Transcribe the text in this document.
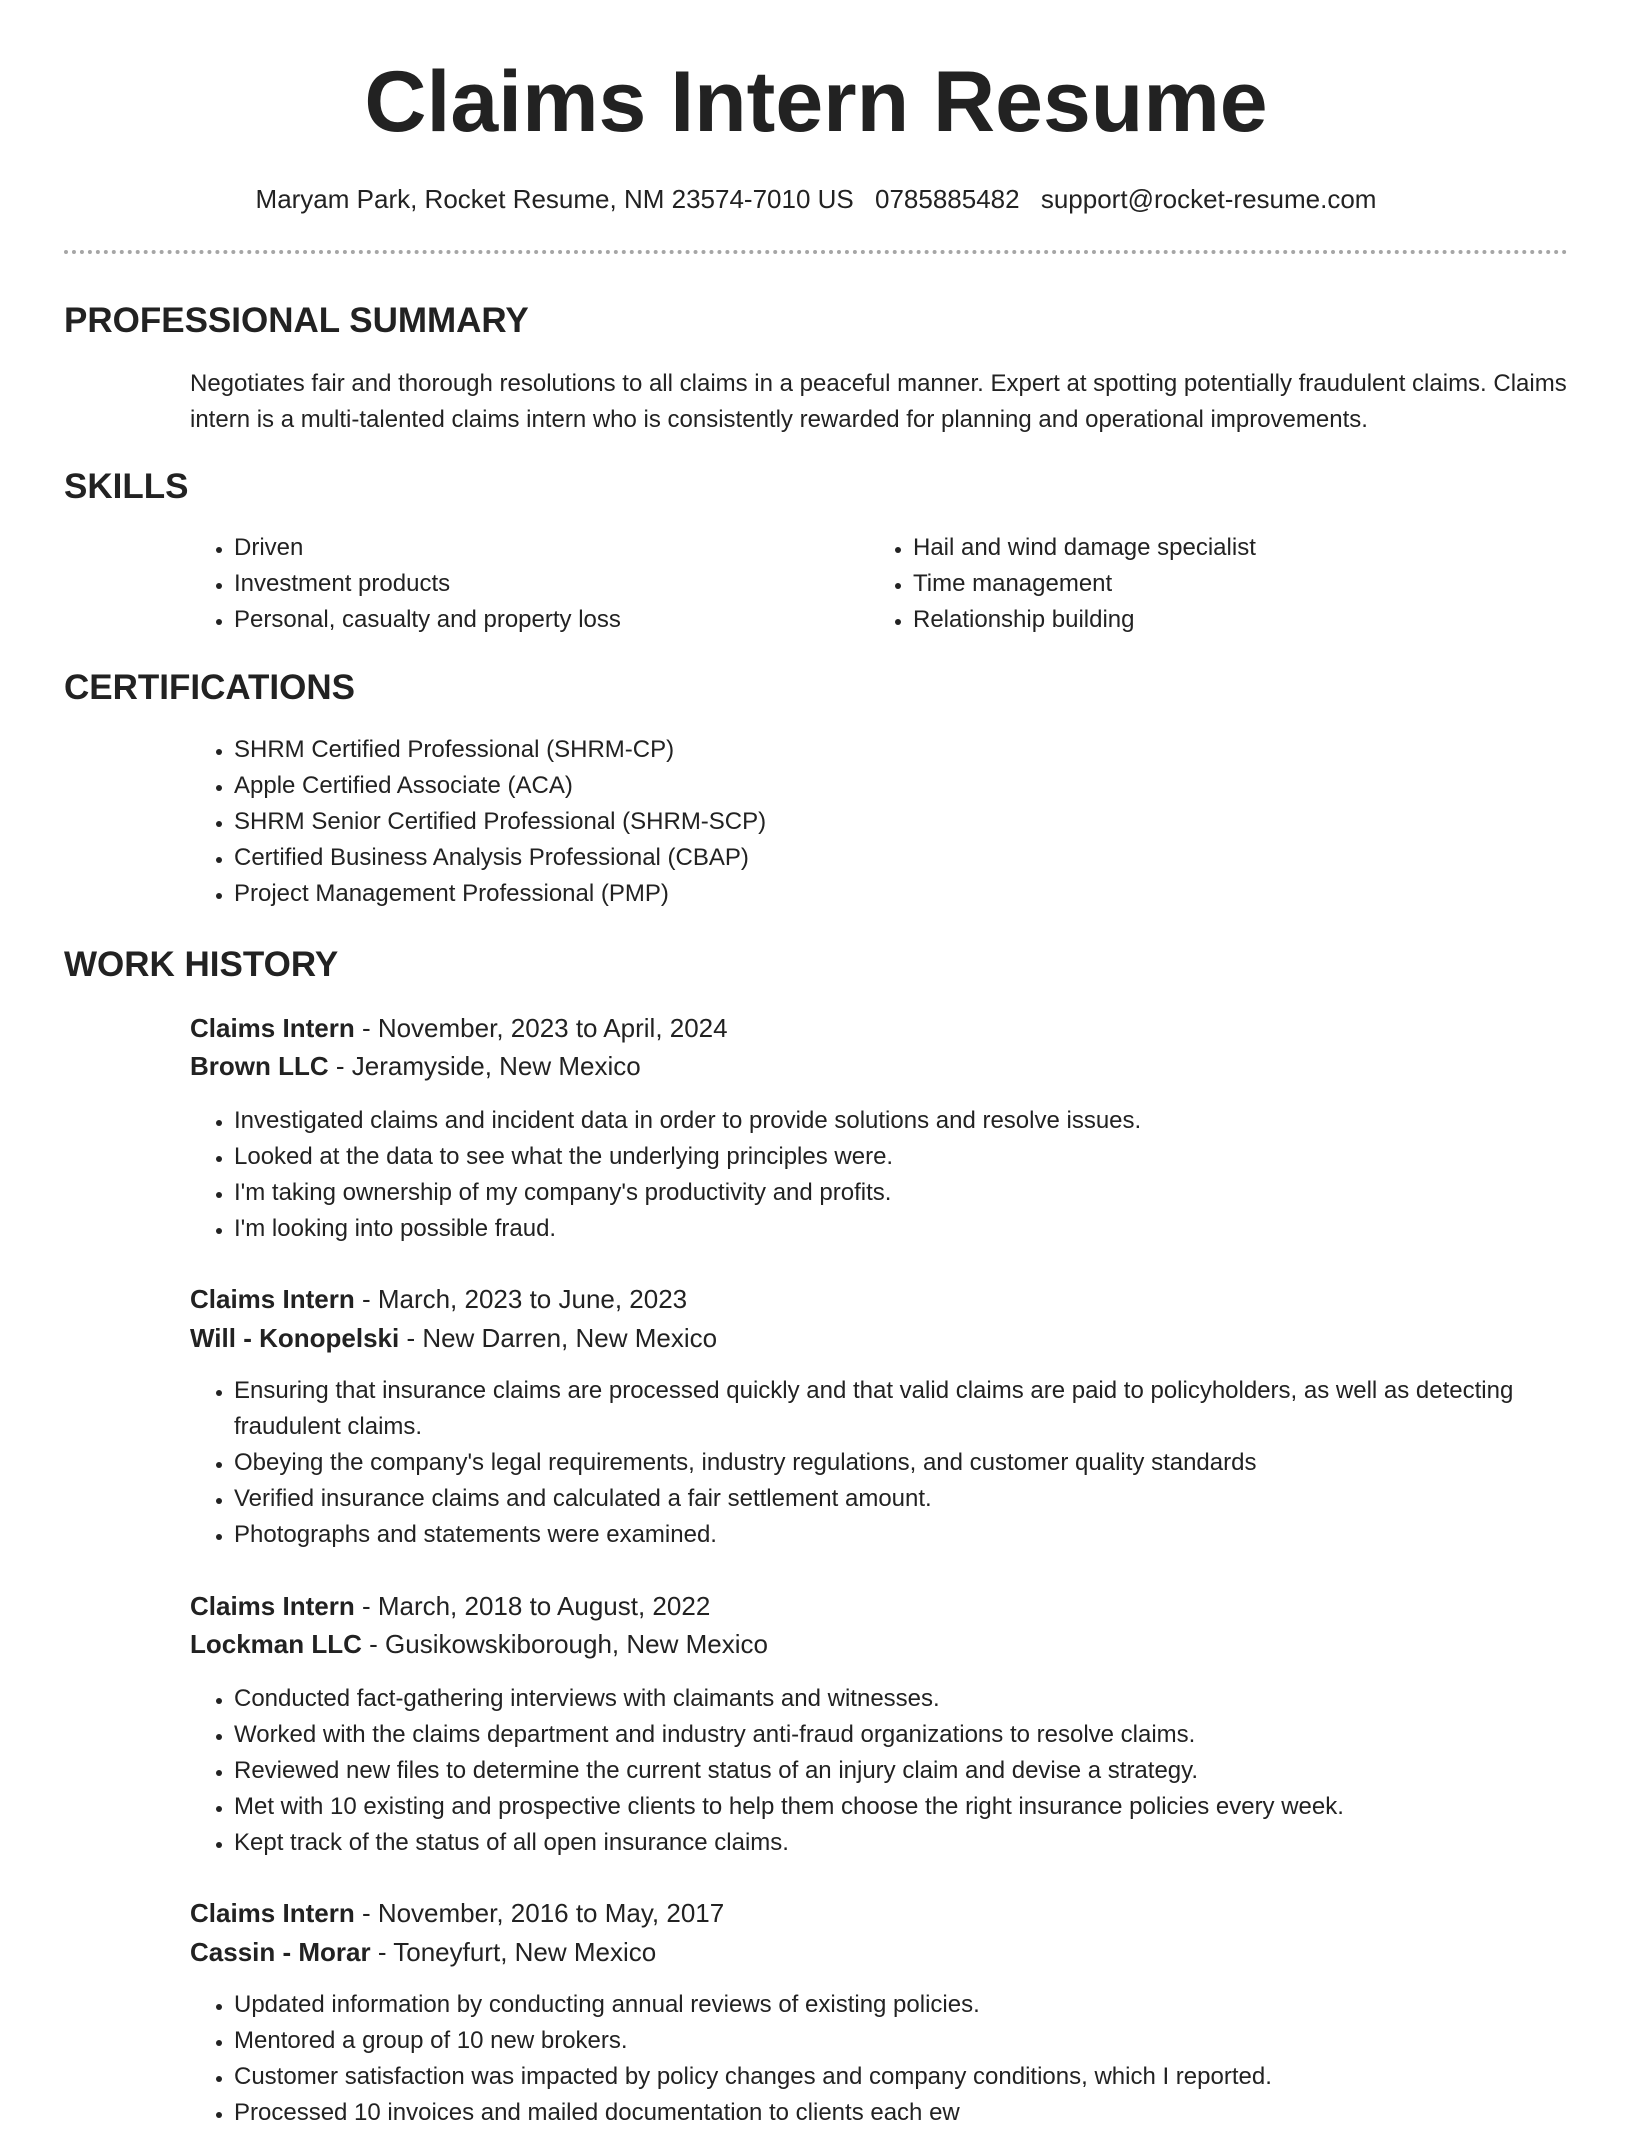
Claims Intern Resume
Maryam Park, Rocket Resume, NM 23574-7010 US 0785885482 support@rocket-resume.com
PROFESSIONAL SUMMARY
Negotiates fair and thorough resolutions to all claims in a peaceful manner. Expert at spotting potentially fraudulent claims. Claims intern is a multi-talented claims intern who is consistently rewarded for planning and operational improvements.
SKILLS
• Driven
• Investment products
• Personal, casualty and property loss
• Hail and wind damage specialist
• Time management
• Relationship building
CERTIFICATIONS
• SHRM Certified Professional (SHRM-CP)
• Apple Certified Associate (ACA)
• SHRM Senior Certified Professional (SHRM-SCP)
• Certified Business Analysis Professional (CBAP)
• Project Management Professional (PMP)
WORK HISTORY
Claims Intern - November, 2023 to April, 2024
Brown LLC - Jeramyside, New Mexico
• Investigated claims and incident data in order to provide solutions and resolve issues.
• Looked at the data to see what the underlying principles were.
• I'm taking ownership of my company's productivity and profits.
• I'm looking into possible fraud.
Claims Intern - March, 2023 to June, 2023
Will - Konopelski - New Darren, New Mexico
• Ensuring that insurance claims are processed quickly and that valid claims are paid to policyholders, as well as detecting fraudulent claims.
• Obeying the company's legal requirements, industry regulations, and customer quality standards
• Verified insurance claims and calculated a fair settlement amount.
• Photographs and statements were examined.
Claims Intern - March, 2018 to August, 2022
Lockman LLC - Gusikowskiborough, New Mexico
• Conducted fact-gathering interviews with claimants and witnesses.
• Worked with the claims department and industry anti-fraud organizations to resolve claims.
• Reviewed new files to determine the current status of an injury claim and devise a strategy.
• Met with 10 existing and prospective clients to help them choose the right insurance policies every week.
• Kept track of the status of all open insurance claims.
Claims Intern - November, 2016 to May, 2017
Cassin - Morar - Toneyfurt, New Mexico
• Updated information by conducting annual reviews of existing policies.
• Mentored a group of 10 new brokers.
• Customer satisfaction was impacted by policy changes and company conditions, which I reported.
• Processed 10 invoices and mailed documentation to clients each ew
